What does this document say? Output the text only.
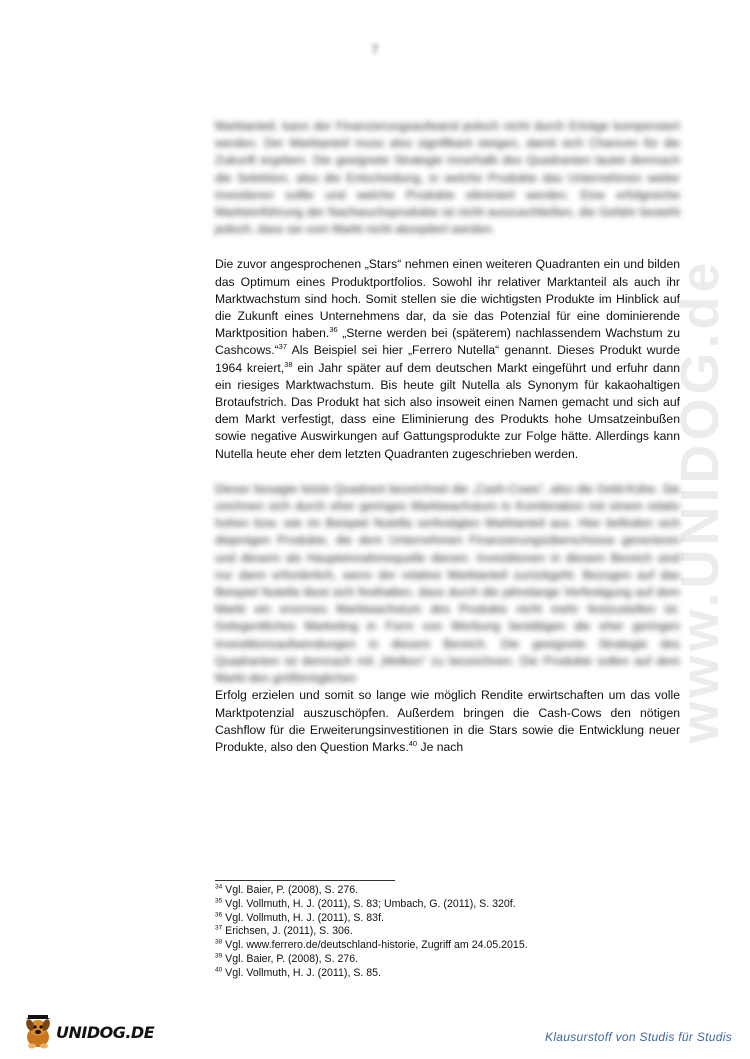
7
www.UNIDOG.de

Marktanteil, kann der Finanzierungsaufwand jedoch nicht durch Erträge kompensiert werden. Der Marktanteil muss also signifikant steigen, damit sich Chancen für die Zukunft ergeben. Die geeignete Strategie innerhalb des Quadranten lautet demnach die Selektion, also die Entscheidung, in welche Produkte das Unternehmen weiter investieren sollte und welche Produkte eliminiert werden. Eine erfolgreiche Markteinführung der Nachwuchsprodukte ist nicht auszuschließen, die Gefahr besteht jedoch, dass sie vom Markt nicht akzeptiert werden.

Die zuvor angesprochenen „Stars“ nehmen einen weiteren Quadranten ein und bilden das Optimum eines Produktportfolios. Sowohl ihr relativer Marktanteil als auch ihr Marktwachstum sind hoch. Somit stellen sie die wichtigsten Produkte im Hinblick auf die Zukunft eines Unternehmens dar, da sie das Potenzial für eine dominierende Marktposition haben.$^{36}$ „Sterne werden bei (späterem) nachlassendem Wachstum zu Cashcows.“$^{37}$ Als Beispiel sei hier „Ferrero Nutella“ genannt. Dieses Produkt wurde 1964 kreiert,$^{38}$ ein Jahr später auf dem deutschen Markt eingeführt und erfuhr dann ein riesiges Marktwachstum. Bis heute gilt Nutella als Synonym für kakaohaltigen Brotaufstrich. Das Produkt hat sich also insoweit einen Namen gemacht und sich auf dem Markt verfestigt, dass eine Eliminierung des Produkts hohe Umsatzeinbußen sowie negative Auswirkungen auf Gattungsprodukte zur Folge hätte. Allerdings kann Nutella heute eher dem letzten Quadranten zugeschrieben werden.

Dieser besagte letzte Quadrant bezeichnet die „Cash-Cows“, also die Geld-Kühe. Sie zeichnen sich durch eher geringes Marktwachstum in Kombination mit einem relativ hohen bzw. wie im Beispiel Nutella verfestigten Marktanteil aus. Hier befinden sich diejenigen Produkte, die dem Unternehmen Finanzierungsüberschüsse generieren und diesem als Haupteinnahmequelle dienen. Investitionen in diesem Bereich sind nur dann erforderlich, wenn der relative Marktanteil zurückgeht. Bezogen auf das Beispiel Nutella lässt sich festhalten, dass durch die jahrelange Verfestigung auf dem Markt ein enormes Marktwachstum des Produkts nicht mehr festzustellen ist. Gelegentliches Marketing in Form von Werbung bestätigen die eher geringen Investitionsaufwendungen in diesem Bereich. Die geeignete Strategie des Quadranten ist demnach mit „Melken“ zu bezeichnen. Die Produkte sollen auf dem Markt den größtmöglichen

Erfolg erzielen und somit so lange wie möglich Rendite erwirtschaften um das volle Marktpotenzial auszuschöpfen. Außerdem bringen die Cash-Cows den nötigen Cashflow für die Erweiterungsinvestitionen in die Stars sowie die Entwicklung neuer Produkte, also den Question Marks.$^{40}$ Je nach

$^{34}$ Vgl. Baier, P. (2008), S. 276.
$^{35}$ Vgl. Vollmuth, H. J. (2011), S. 83; Umbach, G. (2011), S. 320f.
$^{36}$ Vgl. Vollmuth, H. J. (2011), S. 83f.
$^{37}$ Erichsen, J. (2011), S. 306.
$^{38}$ Vgl. www.ferrero.de/deutschland-historie, Zugriff am 24.05.2015.
$^{39}$ Vgl. Baier, P. (2008), S. 276.
$^{40}$ Vgl. Vollmuth, H. J. (2011), S. 85.
UNIDOG.DE	Klausurstoff von Studis für Studis
